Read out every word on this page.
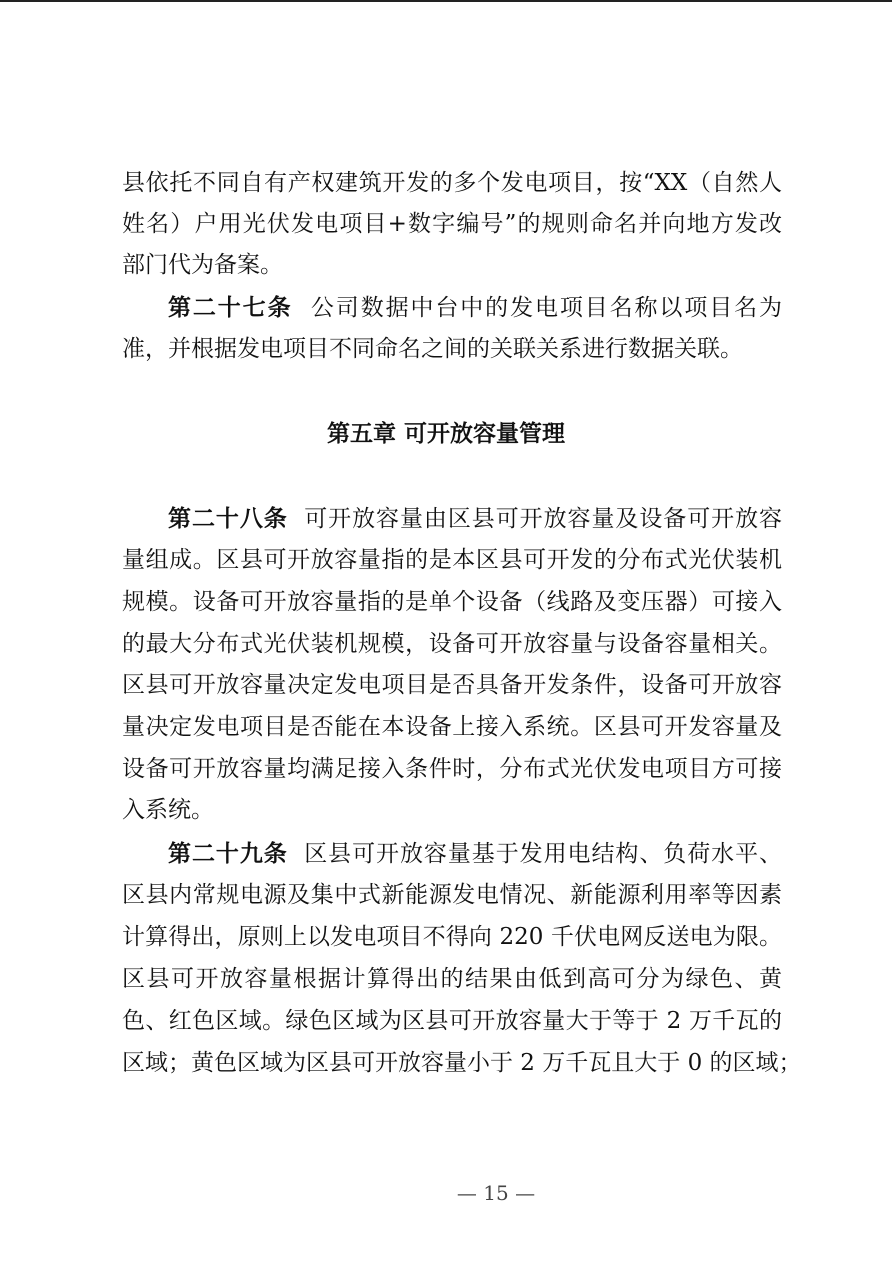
县依托不同自有产权建筑开发的多个发电项目，按“XX（自然人
姓名）户用光伏发电项目+数字编号”的规则命名并向地方发改
部门代为备案。
第二十七条 公司数据中台中的发电项目名称以项目名为
准，并根据发电项目不同命名之间的关联关系进行数据关联。
第五章 可开放容量管理
第二十八条 可开放容量由区县可开放容量及设备可开放容
量组成。区县可开放容量指的是本区县可开发的分布式光伏装机
规模。设备可开放容量指的是单个设备（线路及变压器）可接入
的最大分布式光伏装机规模，设备可开放容量与设备容量相关。
区县可开放容量决定发电项目是否具备开发条件，设备可开放容
量决定发电项目是否能在本设备上接入系统。区县可开发容量及
设备可开放容量均满足接入条件时，分布式光伏发电项目方可接
入系统。
第二十九条 区县可开放容量基于发用电结构、负荷水平、
区县内常规电源及集中式新能源发电情况、新能源利用率等因素
计算得出，原则上以发电项目不得向 220 千伏电网反送电为限。
区县可开放容量根据计算得出的结果由低到高可分为绿色、黄
色、红色区域。绿色区域为区县可开放容量大于等于 2 万千瓦的
区域；黄色区域为区县可开放容量小于 2 万千瓦且大于 0 的区域；
— 15 —
